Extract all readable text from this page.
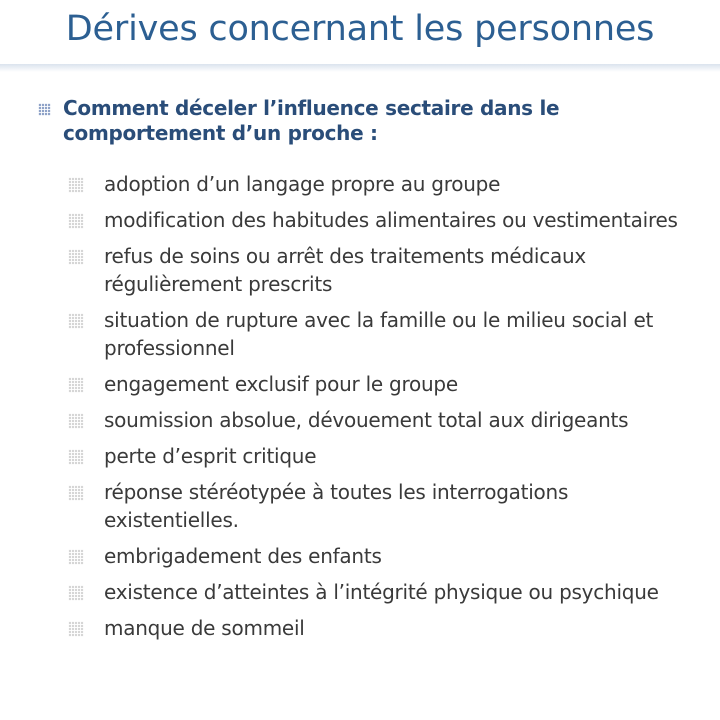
Dérives concernant les personnes
Comment déceler l’influence sectaire dans le comportement d’un proche :
adoption d’un langage propre au groupe
modification des habitudes alimentaires ou vestimentaires
refus de soins ou arrêt des traitements médicaux régulièrement prescrits
situation de rupture avec la famille ou le milieu social et professionnel
engagement exclusif pour le groupe
soumission absolue, dévouement total aux dirigeants
perte d’esprit critique
réponse stéréotypée à toutes les interrogations existentielles.
embrigadement des enfants
existence d’atteintes à l’intégrité physique ou psychique
manque de sommeil
